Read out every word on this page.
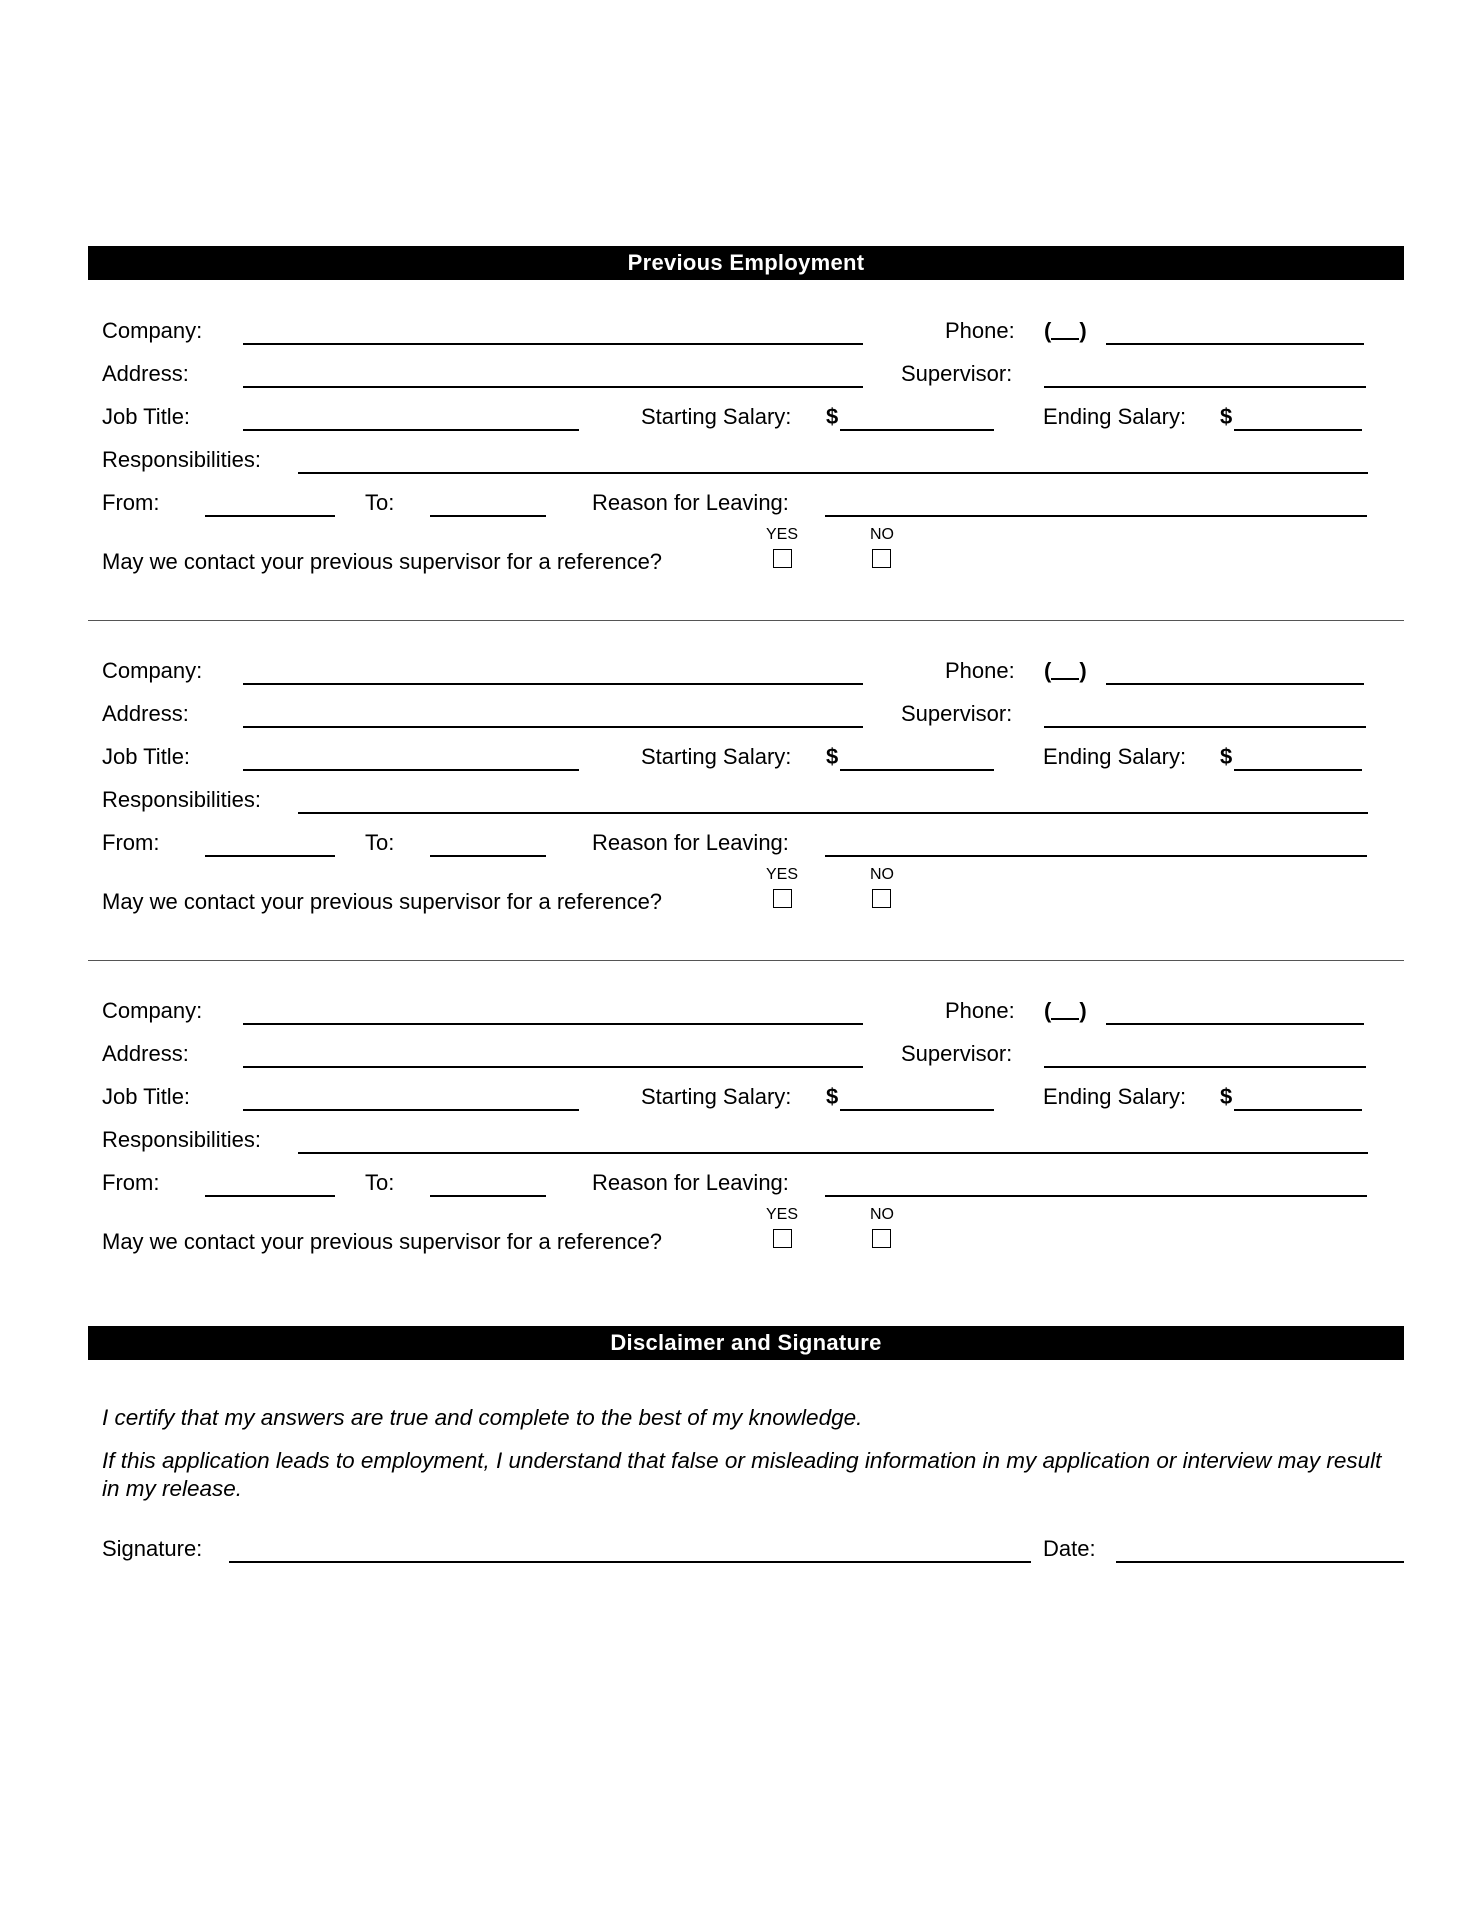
Previous Employment
Company:	Phone: ( )
Address:	Supervisor:
Job Title:	Starting Salary: $	Ending Salary: $
Responsibilities:
From:	To:	Reason for Leaving:
YES	NO
May we contact your previous supervisor for a reference?
Company:	Phone: ( )
Address:	Supervisor:
Job Title:	Starting Salary: $	Ending Salary: $
Responsibilities:
From:	To:	Reason for Leaving:
YES	NO
May we contact your previous supervisor for a reference?
Company:	Phone: ( )
Address:	Supervisor:
Job Title:	Starting Salary: $	Ending Salary: $
Responsibilities:
From:	To:	Reason for Leaving:
YES	NO
May we contact your previous supervisor for a reference?
Disclaimer and Signature
I certify that my answers are true and complete to the best of my knowledge.
If this application leads to employment, I understand that false or misleading information in my application or interview may result in my release.
Signature:	Date:
